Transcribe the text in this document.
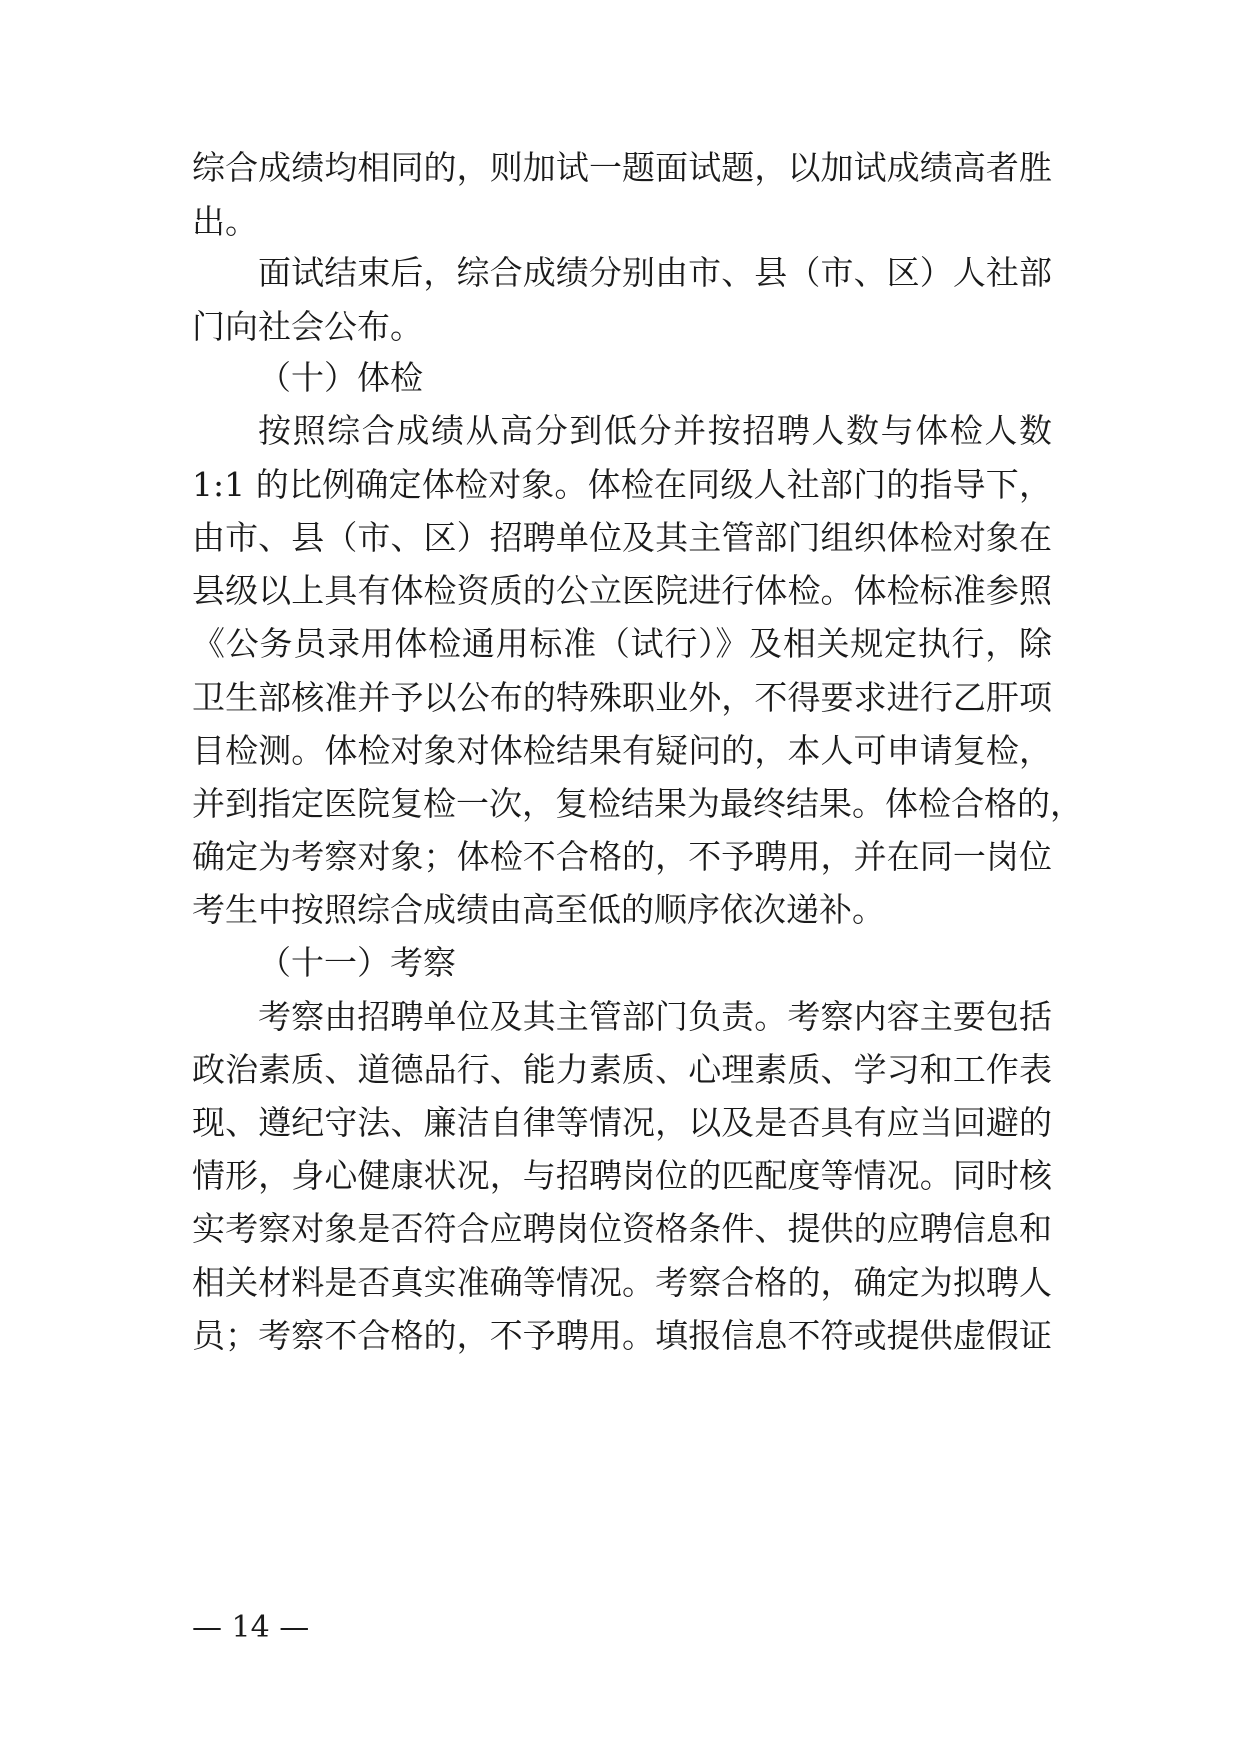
综合成绩均相同的，则加试一题面试题，以加试成绩高者胜
出。
面试结束后，综合成绩分别由市、县（市、区）人社部
门向社会公布。
（十）体检
按照综合成绩从高分到低分并按招聘人数与体检人数
1:1 的比例确定体检对象。体检在同级人社部门的指导下，
由市、县（市、区）招聘单位及其主管部门组织体检对象在
县级以上具有体检资质的公立医院进行体检。体检标准参照
《公务员录用体检通用标准（试行）》及相关规定执行，除
卫生部核准并予以公布的特殊职业外，不得要求进行乙肝项
目检测。体检对象对体检结果有疑问的，本人可申请复检，
并到指定医院复检一次，复检结果为最终结果。体检合格的，
确定为考察对象；体检不合格的，不予聘用，并在同一岗位
考生中按照综合成绩由高至低的顺序依次递补。
（十一）考察
考察由招聘单位及其主管部门负责。考察内容主要包括
政治素质、道德品行、能力素质、心理素质、学习和工作表
现、遵纪守法、廉洁自律等情况，以及是否具有应当回避的
情形，身心健康状况，与招聘岗位的匹配度等情况。同时核
实考察对象是否符合应聘岗位资格条件、提供的应聘信息和
相关材料是否真实准确等情况。考察合格的，确定为拟聘人
员；考察不合格的，不予聘用。填报信息不符或提供虚假证
— 14 —
